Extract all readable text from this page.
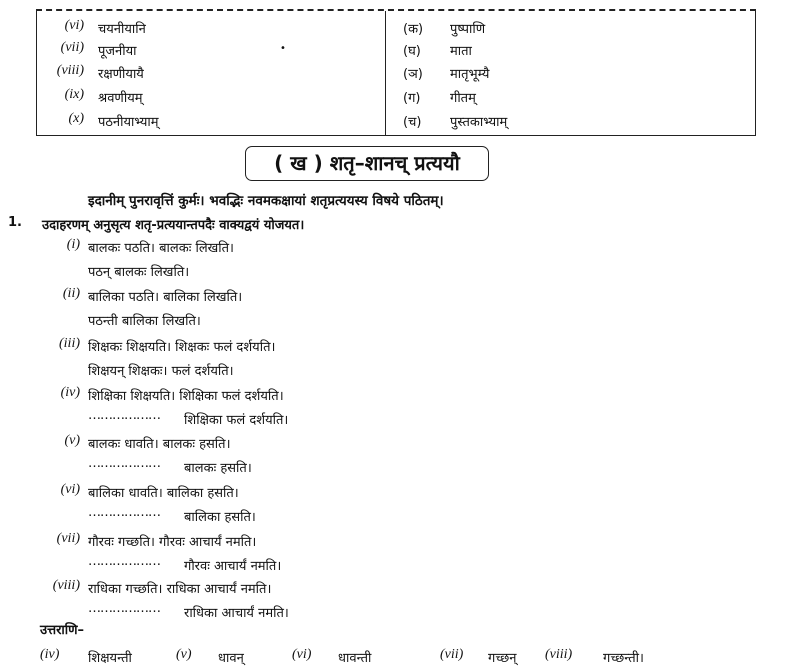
( ख ) शतृ–शानच् प्रत्ययौ
इदानीम् पुनरावृत्तिं कुर्मः। भवद्भिः नवमकक्षायां शतृप्रत्ययस्य विषये पठितम्।
1. उदाहरणम् अनुसृत्य शतृ-प्रत्ययान्तपदैः वाक्यद्वयं योजयत।
उत्तराणि–
(vi) चयनीयानि
(vii) पूजनीया
(viii) रक्षणीयायै
(ix) श्रवणीयम्
(x) पठनीयाभ्याम्
(क) पुष्पाणि
(घ) माता
(ञ) मातृभूम्यै
(ग) गीतम्
(च) पुस्तकाभ्याम्
•
(i) बालकः पठति। बालकः लिखति।
पठन् बालकः लिखति।
(ii) बालिका पठति। बालिका लिखति।
पठन्ती बालिका लिखति।
(iii) शिक्षकः शिक्षयति। शिक्षकः फलं दर्शयति।
शिक्षयन् शिक्षकः। फलं दर्शयति।
(iv) शिक्षिका शिक्षयति। शिक्षिका फलं दर्शयति।
……………… शिक्षिका फलं दर्शयति।
(v) बालकः धावति। बालकः हसति।
……………… बालकः हसति।
(vi) बालिका धावति। बालिका हसति।
……………… बालिका हसति।
(vii) गौरवः गच्छति। गौरवः आचार्यं नमति।
……………… गौरवः आचार्यं नमति।
(viii) राधिका गच्छति। राधिका आचार्यं नमति।
……………… राधिका आचार्यं नमति।
(iv) शिक्षयन्ती	(v) धावन्	(vi) धावन्ती	(vii) गच्छन् (viii) गच्छन्ती।
